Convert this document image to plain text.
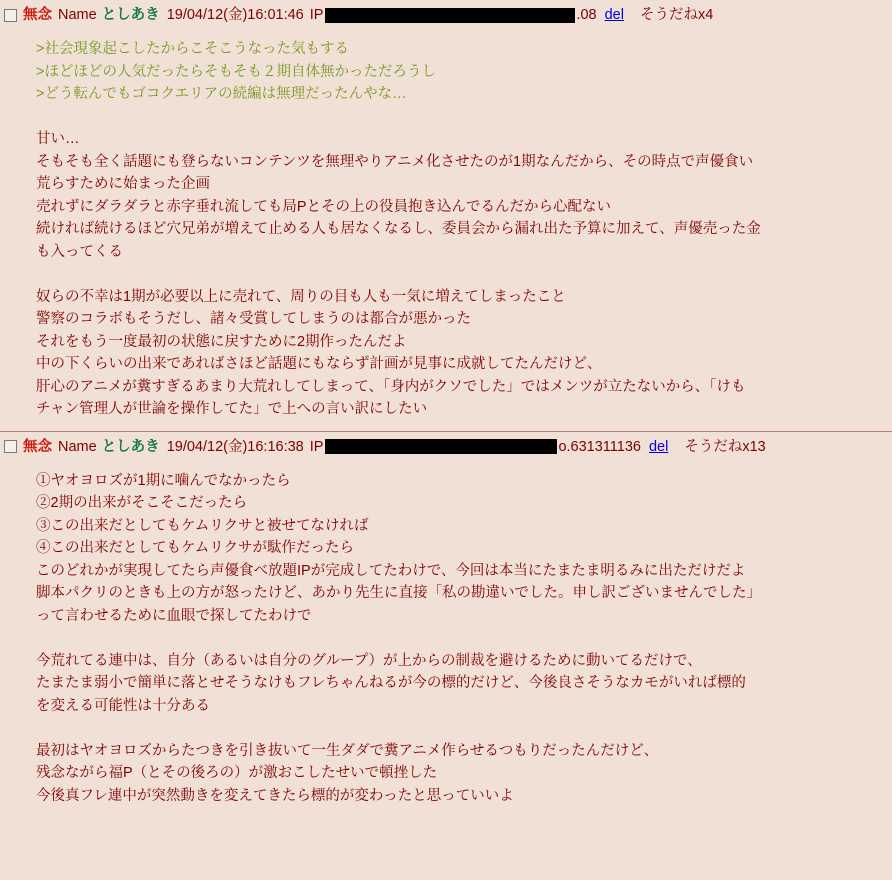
無念 Name としあき 19/04/12(金)16:01:46 IP	.08 del そうだねx4
>社会現象起こしたからこそこうなった気もする
>ほどほどの人気だったらそもそも２期自体無かっただろうし
>どう転んでもゴコクエリアの続編は無理だったんやな…
甘い…
そもそも全く話題にも登らないコンテンツを無理やりアニメ化させたのが1期なんだから、その時点で声優食い
荒らすために始まった企画
売れずにダラダラと赤字垂れ流しても局Pとその上の役員抱き込んでるんだから心配ない
続ければ続けるほど穴兄弟が増えて止める人も居なくなるし、委員会から漏れ出た予算に加えて、声優売った金
も入ってくる
奴らの不幸は1期が必要以上に売れて、周りの目も人も一気に増えてしまったこと
警察のコラボもそうだし、諸々受賞してしまうのは都合が悪かった
それをもう一度最初の状態に戻すために2期作ったんだよ
中の下くらいの出来であればさほど話題にもならず計画が見事に成就してたんだけど、
肝心のアニメが糞すぎるあまり大荒れしてしまって、「身内がクソでした」ではメンツが立たないから、「けも
チャン管理人が世論を操作してた」で上への言い訳にしたい
無念 Name としあき 19/04/12(金)16:16:38 IP	o.631311136 del そうだねx13
①ヤオヨロズが1期に噛んでなかったら
②2期の出来がそこそこだったら
③この出来だとしてもケムリクサと被せてなければ
④この出来だとしてもケムリクサが駄作だったら
このどれかが実現してたら声優食べ放題IPが完成してたわけで、今回は本当にたまたま明るみに出ただけだよ
脚本パクリのときも上の方が怒ったけど、あかり先生に直接「私の勘違いでした。申し訳ございませんでした」
って言わせるために血眼で探してたわけで
今荒れてる連中は、自分（あるいは自分のグループ）が上からの制裁を避けるために動いてるだけで、
たまたま弱小で簡単に落とせそうなけもフレちゃんねるが今の標的だけど、今後良さそうなカモがいれば標的
を変える可能性は十分ある
最初はヤオヨロズからたつきを引き抜いて一生ダダで糞アニメ作らせるつもりだったんだけど、
残念ながら福P（とその後ろの）が激おこしたせいで頓挫した
今後真フレ連中が突然動きを変えてきたら標的が変わったと思っていいよ
